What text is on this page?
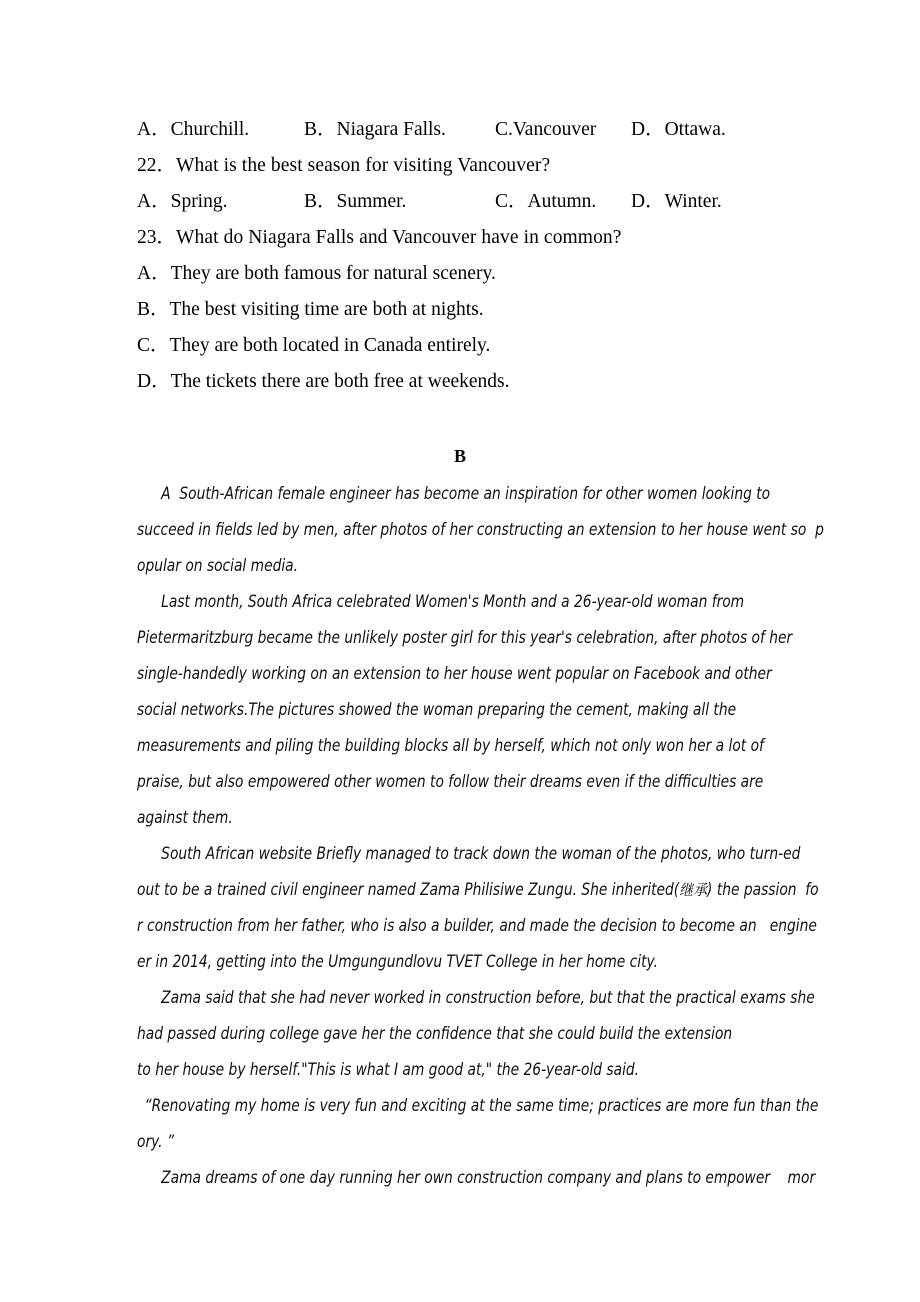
A．Churchill.

	B．Niagara Falls.

	C.Vancouver

D．Ottawa.

22．What is the best season for visiting Vancouver?

A．Spring.

	B．Summer.

	C．Autumn.

D．Winter.

23．What do Niagara Falls and Vancouver have in common?
A．They are both famous for natural scenery.
B．The best visiting time are both at nights.
C．They are both located in Canada entirely.
D．The tickets there are both free at weekends.
B
A  South-African female engineer has become an inspiration for other women looking to
succeed in fields led by men, after photos of her constructing an extension to her house went so  p
opular on social media.
Last month, South Africa celebrated Women's Month and a 26-year-old woman from
Pietermaritzburg became the unlikely poster girl for this year's celebration, after photos of her
single-handedly working on an extension to her house went popular on Facebook and other
social networks.The pictures showed the woman preparing the cement, making all the
measurements and piling the building blocks all by herself, which not only won her a lot of
praise, but also empowered other women to follow their dreams even if the difficulties are
against them.
South African website Briefly managed to track down the woman of the photos, who turn-ed
out to be a trained civil engineer named Zama Philisiwe Zungu. She inherited(继承) the passion  fo
r construction from her father, who is also a builder, and made the decision to become an   engine
er in 2014, getting into the Umgungundlovu TVET College in her home city.
Zama said that she had never worked in construction before, but that the practical exams she
had passed during college gave her the confidence that she could build the extension
to her house by herself."This is what I am good at," the 26-year-old said.
“Renovating my home is very fun and exciting at the same time; practices are more fun than the
ory. ”
Zama dreams of one day running her own construction company and plans to empower    mor
